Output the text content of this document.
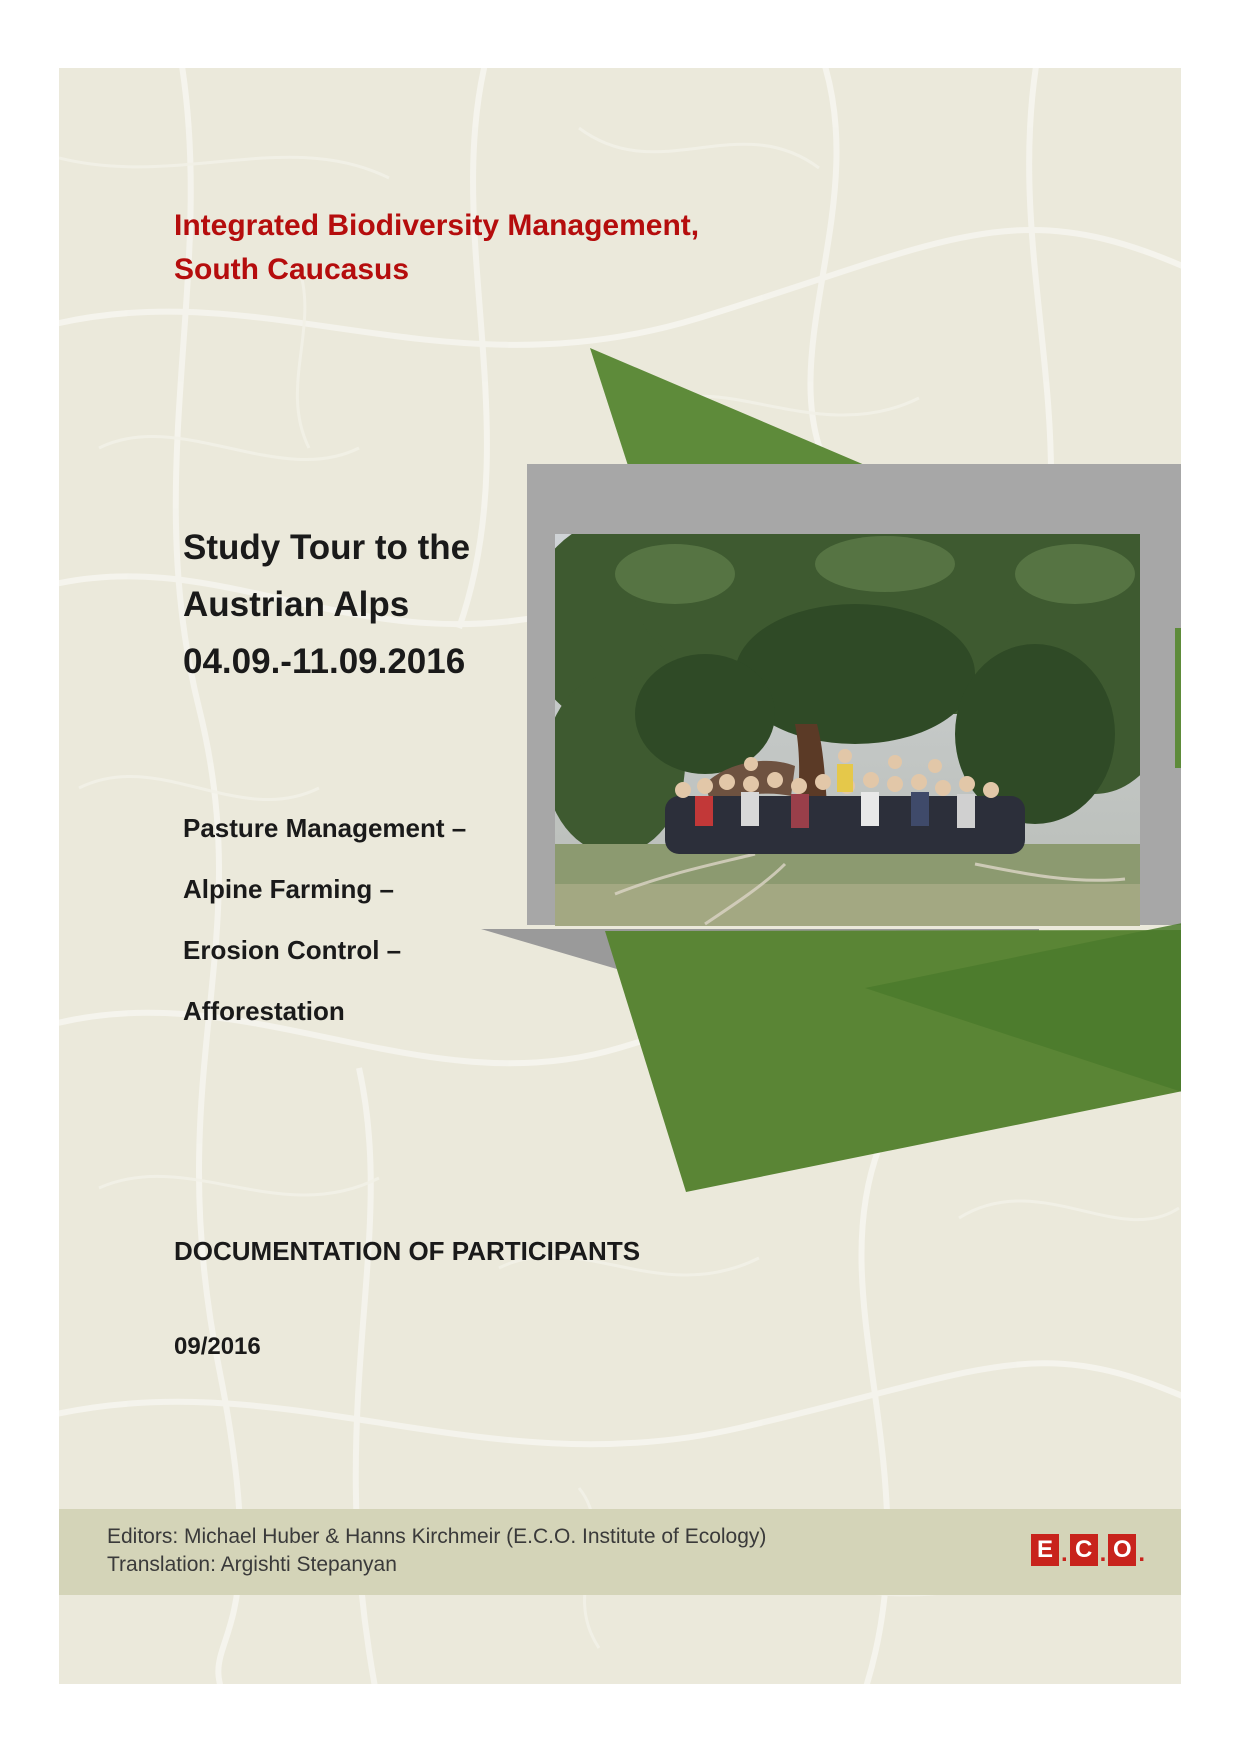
Integrated Biodiversity Management,
South Caucasus
Study Tour to the
Austrian Alps
04.09.-11.09.2016
Pasture Management –
Alpine Farming –
Erosion Control –
Afforestation
DOCUMENTATION OF PARTICIPANTS
09/2016
Editors: Michael Huber & Hanns Kirchmeir (E.C.O. Institute of Ecology)
Translation: Argishti Stepanyan
E . C . O .
